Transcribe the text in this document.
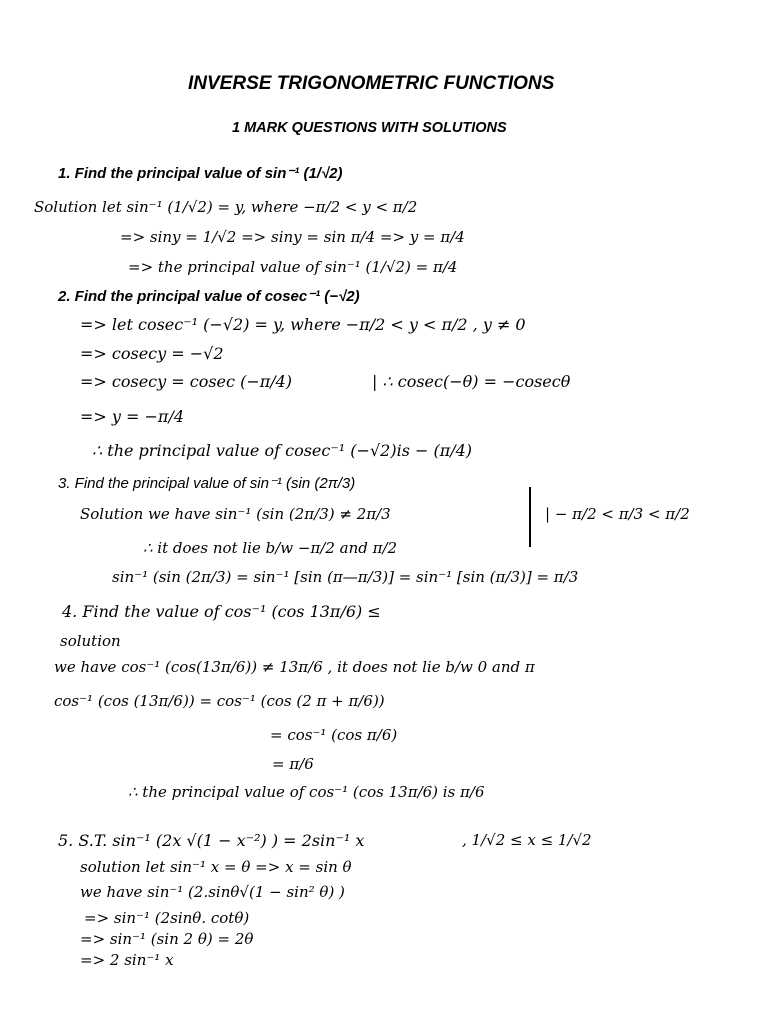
INVERSE TRIGONOMETRIC FUNCTIONS
1 MARK QUESTIONS WITH SOLUTIONS
1. Find the principal value of sin⁻¹ (1/√2)
Solution let sin⁻¹ (1/√2) = y, where −π/2 < y < π/2
=> siny = 1/√2 => siny = sin π/4 => y = π/4
=> the principal value of sin⁻¹ (1/√2) = π/4
2. Find the principal value of cosec⁻¹ (−√2)
=> let cosec⁻¹ (−√2) = y, where −π/2 < y < π/2 , y ≠ 0
=> cosecy = −√2
=> cosecy = cosec (−π/4)	| ∴ cosec(−θ) = −cosecθ
=> y = −π/4
∴ the principal value of cosec⁻¹ (−√2)is − (π/4)
3. Find the principal value of sin⁻¹ (sin (2π/3)
Solution we have sin⁻¹ (sin (2π/3) ≠ 2π/3	| − π/2 < π/3 < π/2
∴ it does not lie b/w −π/2 and π/2
sin⁻¹ (sin (2π/3) = sin⁻¹ [sin (π—π/3)] = sin⁻¹ [sin (π/3)] = π/3
4. Find the value of cos⁻¹ (cos 13π/6) ≤
solution
we have cos⁻¹ (cos(13π/6)) ≠ 13π/6 , it does not lie b/w 0 and π
cos⁻¹ (cos (13π/6)) = cos⁻¹ (cos (2 π + π/6))
= cos⁻¹ (cos π/6)
= π/6
∴ the principal value of cos⁻¹ (cos 13π/6) is π/6
5. S.T. sin⁻¹ (2x √(1 − x⁻²) ) = 2sin⁻¹ x	, 1/√2 ≤ x ≤ 1/√2
solution let sin⁻¹ x = θ => x = sin θ
we have sin⁻¹ (2.sinθ√(1 − sin² θ) )
=> sin⁻¹ (2sinθ. cotθ)
=> sin⁻¹ (sin 2 θ) = 2θ
=> 2 sin⁻¹ x
